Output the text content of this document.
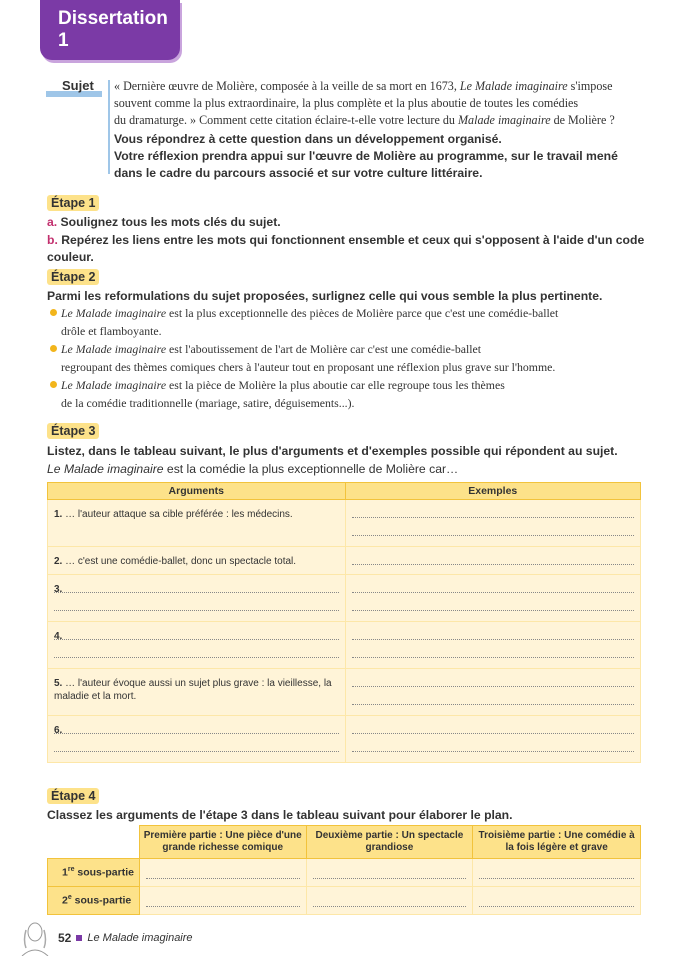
Dissertation 1
Sujet	« Dernière œuvre de Molière, composée à la veille de sa mort en 1673, Le Malade imaginaire s'impose
souvent comme la plus extraordinaire, la plus complète et la plus aboutie de toutes les comédies
du dramaturge. » Comment cette citation éclaire-t-elle votre lecture du Malade imaginaire de Molière ?
Vous répondrez à cette question dans un développement organisé.
Votre réflexion prendra appui sur l'œuvre de Molière au programme, sur le travail mené
dans le cadre du parcours associé et sur votre culture littéraire.
Étape 1
a. Soulignez tous les mots clés du sujet.
b. Repérez les liens entre les mots qui fonctionnent ensemble et ceux qui s'opposent à l'aide d'un code couleur.
Étape 2
Parmi les reformulations du sujet proposées, surlignez celle qui vous semble la plus pertinente.
Le Malade imaginaire est la plus exceptionnelle des pièces de Molière parce que c'est une comédie-ballet
drôle et flamboyante.
Le Malade imaginaire est l'aboutissement de l'art de Molière car c'est une comédie-ballet
regroupant des thèmes comiques chers à l'auteur tout en proposant une réflexion plus grave sur l'homme.
Le Malade imaginaire est la pièce de Molière la plus aboutie car elle regroupe tous les thèmes
de la comédie traditionnelle (mariage, satire, déguisements...).
Étape 3
Listez, dans le tableau suivant, le plus d'arguments et d'exemples possible qui répondent au sujet.
Le Malade imaginaire est la comédie la plus exceptionnelle de Molière car…
Arguments	Exemples

1. … l'auteur attaque sa cible préférée : les médecins.	

2. … c'est une comédie-ballet, donc un spectacle total.	

3.	

4.	

5. … l'auteur évoque aussi un sujet plus grave : la vieillesse, la maladie et la mort.	

6.	

Étape 4
Classez les arguments de l'étape 3 dans le tableau suivant pour élaborer le plan.
	Première partie : Une pièce d'une grande richesse comique	Deuxième partie : Un spectacle grandiose	Troisième partie : Une comédie à la fois légère et grave
1re sous-partie	

2e sous-partie	

52 Le Malade imaginaire
